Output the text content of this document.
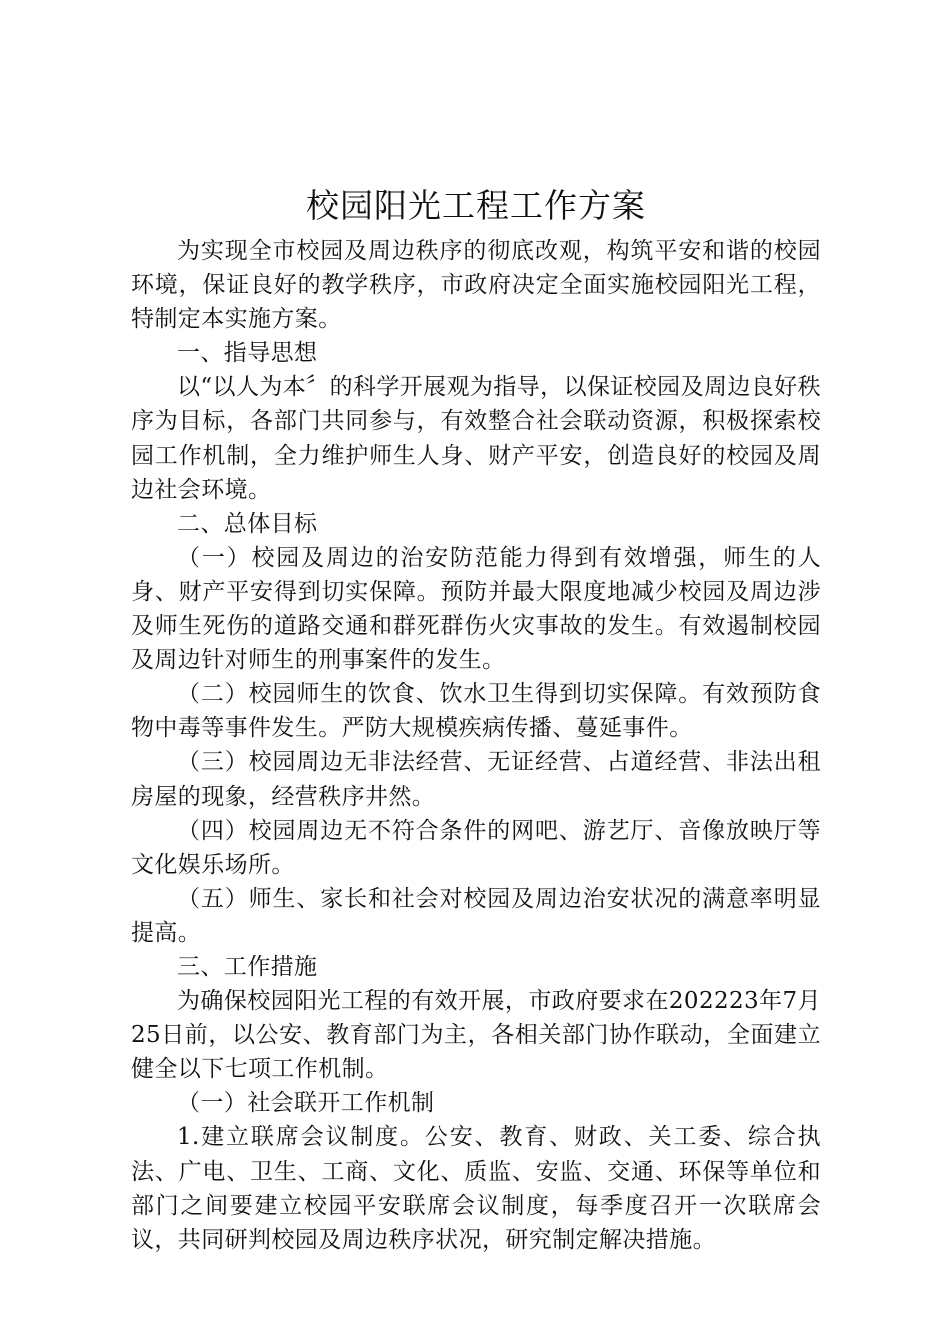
校园阳光工程工作方案

为实现全市校园及周边秩序的彻底改观，构筑平安和谐的校园环境，保证良好的教学秩序，市政府决定全面实施校园阳光工程，特制定本实施方案。

一、指导思想

以“以人为本〞的科学开展观为指导，以保证校园及周边良好秩序为目标，各部门共同参与，有效整合社会联动资源，积极探索校园工作机制，全力维护师生人身、财产平安，创造良好的校园及周边社会环境。

二、总体目标

（一）校园及周边的治安防范能力得到有效增强，师生的人身、财产平安得到切实保障。预防并最大限度地减少校园及周边涉及师生死伤的道路交通和群死群伤火灾事故的发生。有效遏制校园及周边针对师生的刑事案件的发生。

（二）校园师生的饮食、饮水卫生得到切实保障。有效预防食物中毒等事件发生。严防大规模疾病传播、蔓延事件。

（三）校园周边无非法经营、无证经营、占道经营、非法出租房屋的现象，经营秩序井然。

（四）校园周边无不符合条件的网吧、游艺厅、音像放映厅等文化娱乐场所。

（五）师生、家长和社会对校园及周边治安状况的满意率明显提高。

三、工作措施

为确保校园阳光工程的有效开展，市政府要求在202223年7月25日前，以公安、教育部门为主，各相关部门协作联动，全面建立健全以下七项工作机制。

（一）社会联开工作机制

1.建立联席会议制度。公安、教育、财政、关工委、综合执法、广电、卫生、工商、文化、质监、安监、交通、环保等单位和部门之间要建立校园平安联席会议制度，每季度召开一次联席会议，共同研判校园及周边秩序状况，研究制定解决措施。
